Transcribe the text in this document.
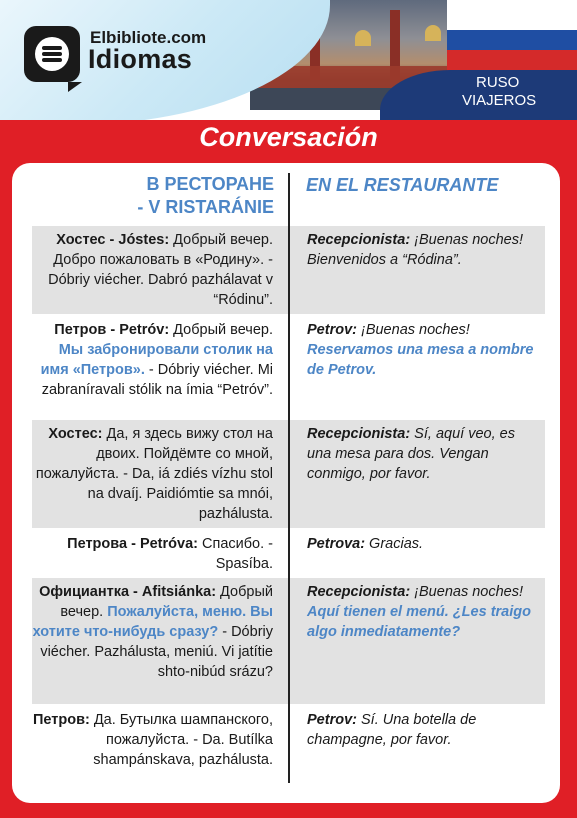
Elbibliote.com
Idiomas
RUSO
VIAJEROS
Conversación
В РЕСТОРАНЕ
- V RISTARÁNIE
EN EL RESTAURANTE
Хостес - Jóstes: Добрый вечер. Добро пожаловать в «Родину». - Dóbriy viécher. Dabró pazhálavat v “Ródinu”.
Recepcionista: ¡Buenas noches! Bienvenidos a “Ródina”.
Петров - Petróv: Добрый вечер. Мы забронировали столик на имя «Петров». - Dóbriy viécher. Mi zabraníravali stólik na ímia “Petróv”.
Petrov: ¡Buenas noches! Reservamos una mesa a nombre de Petrov.
Хостес: Да, я здесь вижу стол на двоих. Пойдёмте со мной, пожалуйста. - Da, iá zdiés vízhu stol na dvaíj. Paidiómtie sa mnói, pazhálusta.
Recepcionista: Sí, aquí veo, es una mesa para dos. Vengan conmigo, por favor.
Петрова - Petróva: Спасибо. - Spasíba.
Petrova: Gracias.
Официантка - Afitsiánka: Добрый вечер. Пожалуйста, меню. Вы хотите что-нибудь сразу? - Dóbriy viécher. Pazhálusta, meniú. Vi jatítie shto-nibúd srázu?
Recepcionista: ¡Buenas noches! Aquí tienen el menú. ¿Les traigo algo inmediatamente?
Петров: Да. Бутылка шампанского, пожалуйста. - Da. Butílka shampánskava, pazhálusta.
Petrov: Sí. Una botella de champagne, por favor.
